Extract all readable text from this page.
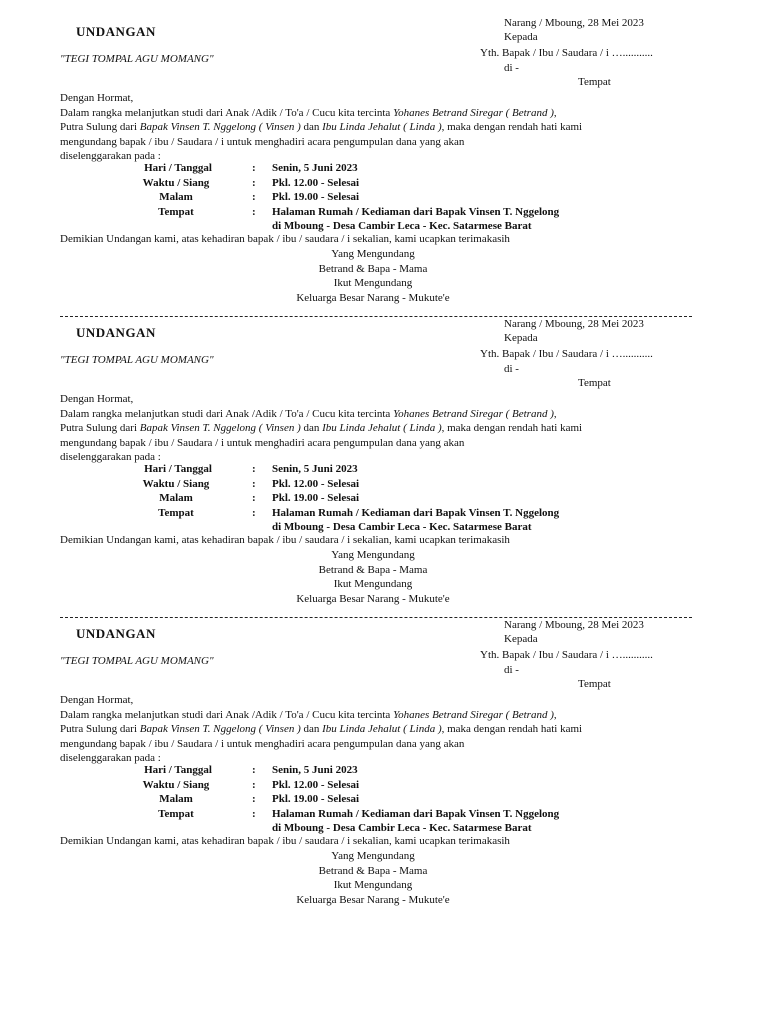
UNDANGAN
"TEGI TOMPAL AGU MOMANG"
Narang / Mboung, 28 Mei 2023
Kepada
Yth. Bapak / Ibu / Saudara / i …...........
di -
Tempat

Dengan Hormat,

Dalam rangka melanjutkan studi dari Anak /Adik / To'a / Cucu kita tercinta Yohanes Betrand Siregar ( Betrand ),

Putra Sulung dari Bapak Vinsen T. Nggelong ( Vinsen ) dan Ibu Linda Jehalut ( Linda ), maka dengan rendah hati kami

mengundang bapak / ibu / Saudara / i untuk menghadiri acara pengumpulan dana yang akan

diselenggarakan pada :

Hari / Tanggal	: Senin, 5 Juni 2023
Waktu / Siang	: Pkl. 12.00 - Selesai
Malam	: Pkl. 19.00 - Selesai
Tempat	: Halaman Rumah / Kediaman dari Bapak Vinsen T. Nggelong
di Mboung - Desa Cambir Leca - Kec. Satarmese Barat
Demikian Undangan kami, atas kehadiran bapak / ibu / saudara / i sekalian, kami ucapkan terimakasih
Yang Mengundang
Betrand & Bapa - Mama
Ikut Mengundang
Keluarga Besar Narang - Mukute'e
UNDANGAN
"TEGI TOMPAL AGU MOMANG"
Narang / Mboung, 28 Mei 2023
Kepada
Yth. Bapak / Ibu / Saudara / i …...........
di -
Tempat

Dengan Hormat,

Dalam rangka melanjutkan studi dari Anak /Adik / To'a / Cucu kita tercinta Yohanes Betrand Siregar ( Betrand ),

Putra Sulung dari Bapak Vinsen T. Nggelong ( Vinsen ) dan Ibu Linda Jehalut ( Linda ), maka dengan rendah hati kami

mengundang bapak / ibu / Saudara / i untuk menghadiri acara pengumpulan dana yang akan

diselenggarakan pada :

Hari / Tanggal	: Senin, 5 Juni 2023
Waktu / Siang	: Pkl. 12.00 - Selesai
Malam	: Pkl. 19.00 - Selesai
Tempat	: Halaman Rumah / Kediaman dari Bapak Vinsen T. Nggelong
di Mboung - Desa Cambir Leca - Kec. Satarmese Barat
Demikian Undangan kami, atas kehadiran bapak / ibu / saudara / i sekalian, kami ucapkan terimakasih
Yang Mengundang
Betrand & Bapa - Mama
Ikut Mengundang
Keluarga Besar Narang - Mukute'e
UNDANGAN
"TEGI TOMPAL AGU MOMANG"
Narang / Mboung, 28 Mei 2023
Kepada
Yth. Bapak / Ibu / Saudara / i …...........
di -
Tempat

Dengan Hormat,

Dalam rangka melanjutkan studi dari Anak /Adik / To'a / Cucu kita tercinta Yohanes Betrand Siregar ( Betrand ),

Putra Sulung dari Bapak Vinsen T. Nggelong ( Vinsen ) dan Ibu Linda Jehalut ( Linda ), maka dengan rendah hati kami

mengundang bapak / ibu / Saudara / i untuk menghadiri acara pengumpulan dana yang akan

diselenggarakan pada :

Hari / Tanggal	: Senin, 5 Juni 2023
Waktu / Siang	: Pkl. 12.00 - Selesai
Malam	: Pkl. 19.00 - Selesai
Tempat	: Halaman Rumah / Kediaman dari Bapak Vinsen T. Nggelong
di Mboung - Desa Cambir Leca - Kec. Satarmese Barat
Demikian Undangan kami, atas kehadiran bapak / ibu / saudara / i sekalian, kami ucapkan terimakasih
Yang Mengundang
Betrand & Bapa - Mama
Ikut Mengundang
Keluarga Besar Narang - Mukute'e
